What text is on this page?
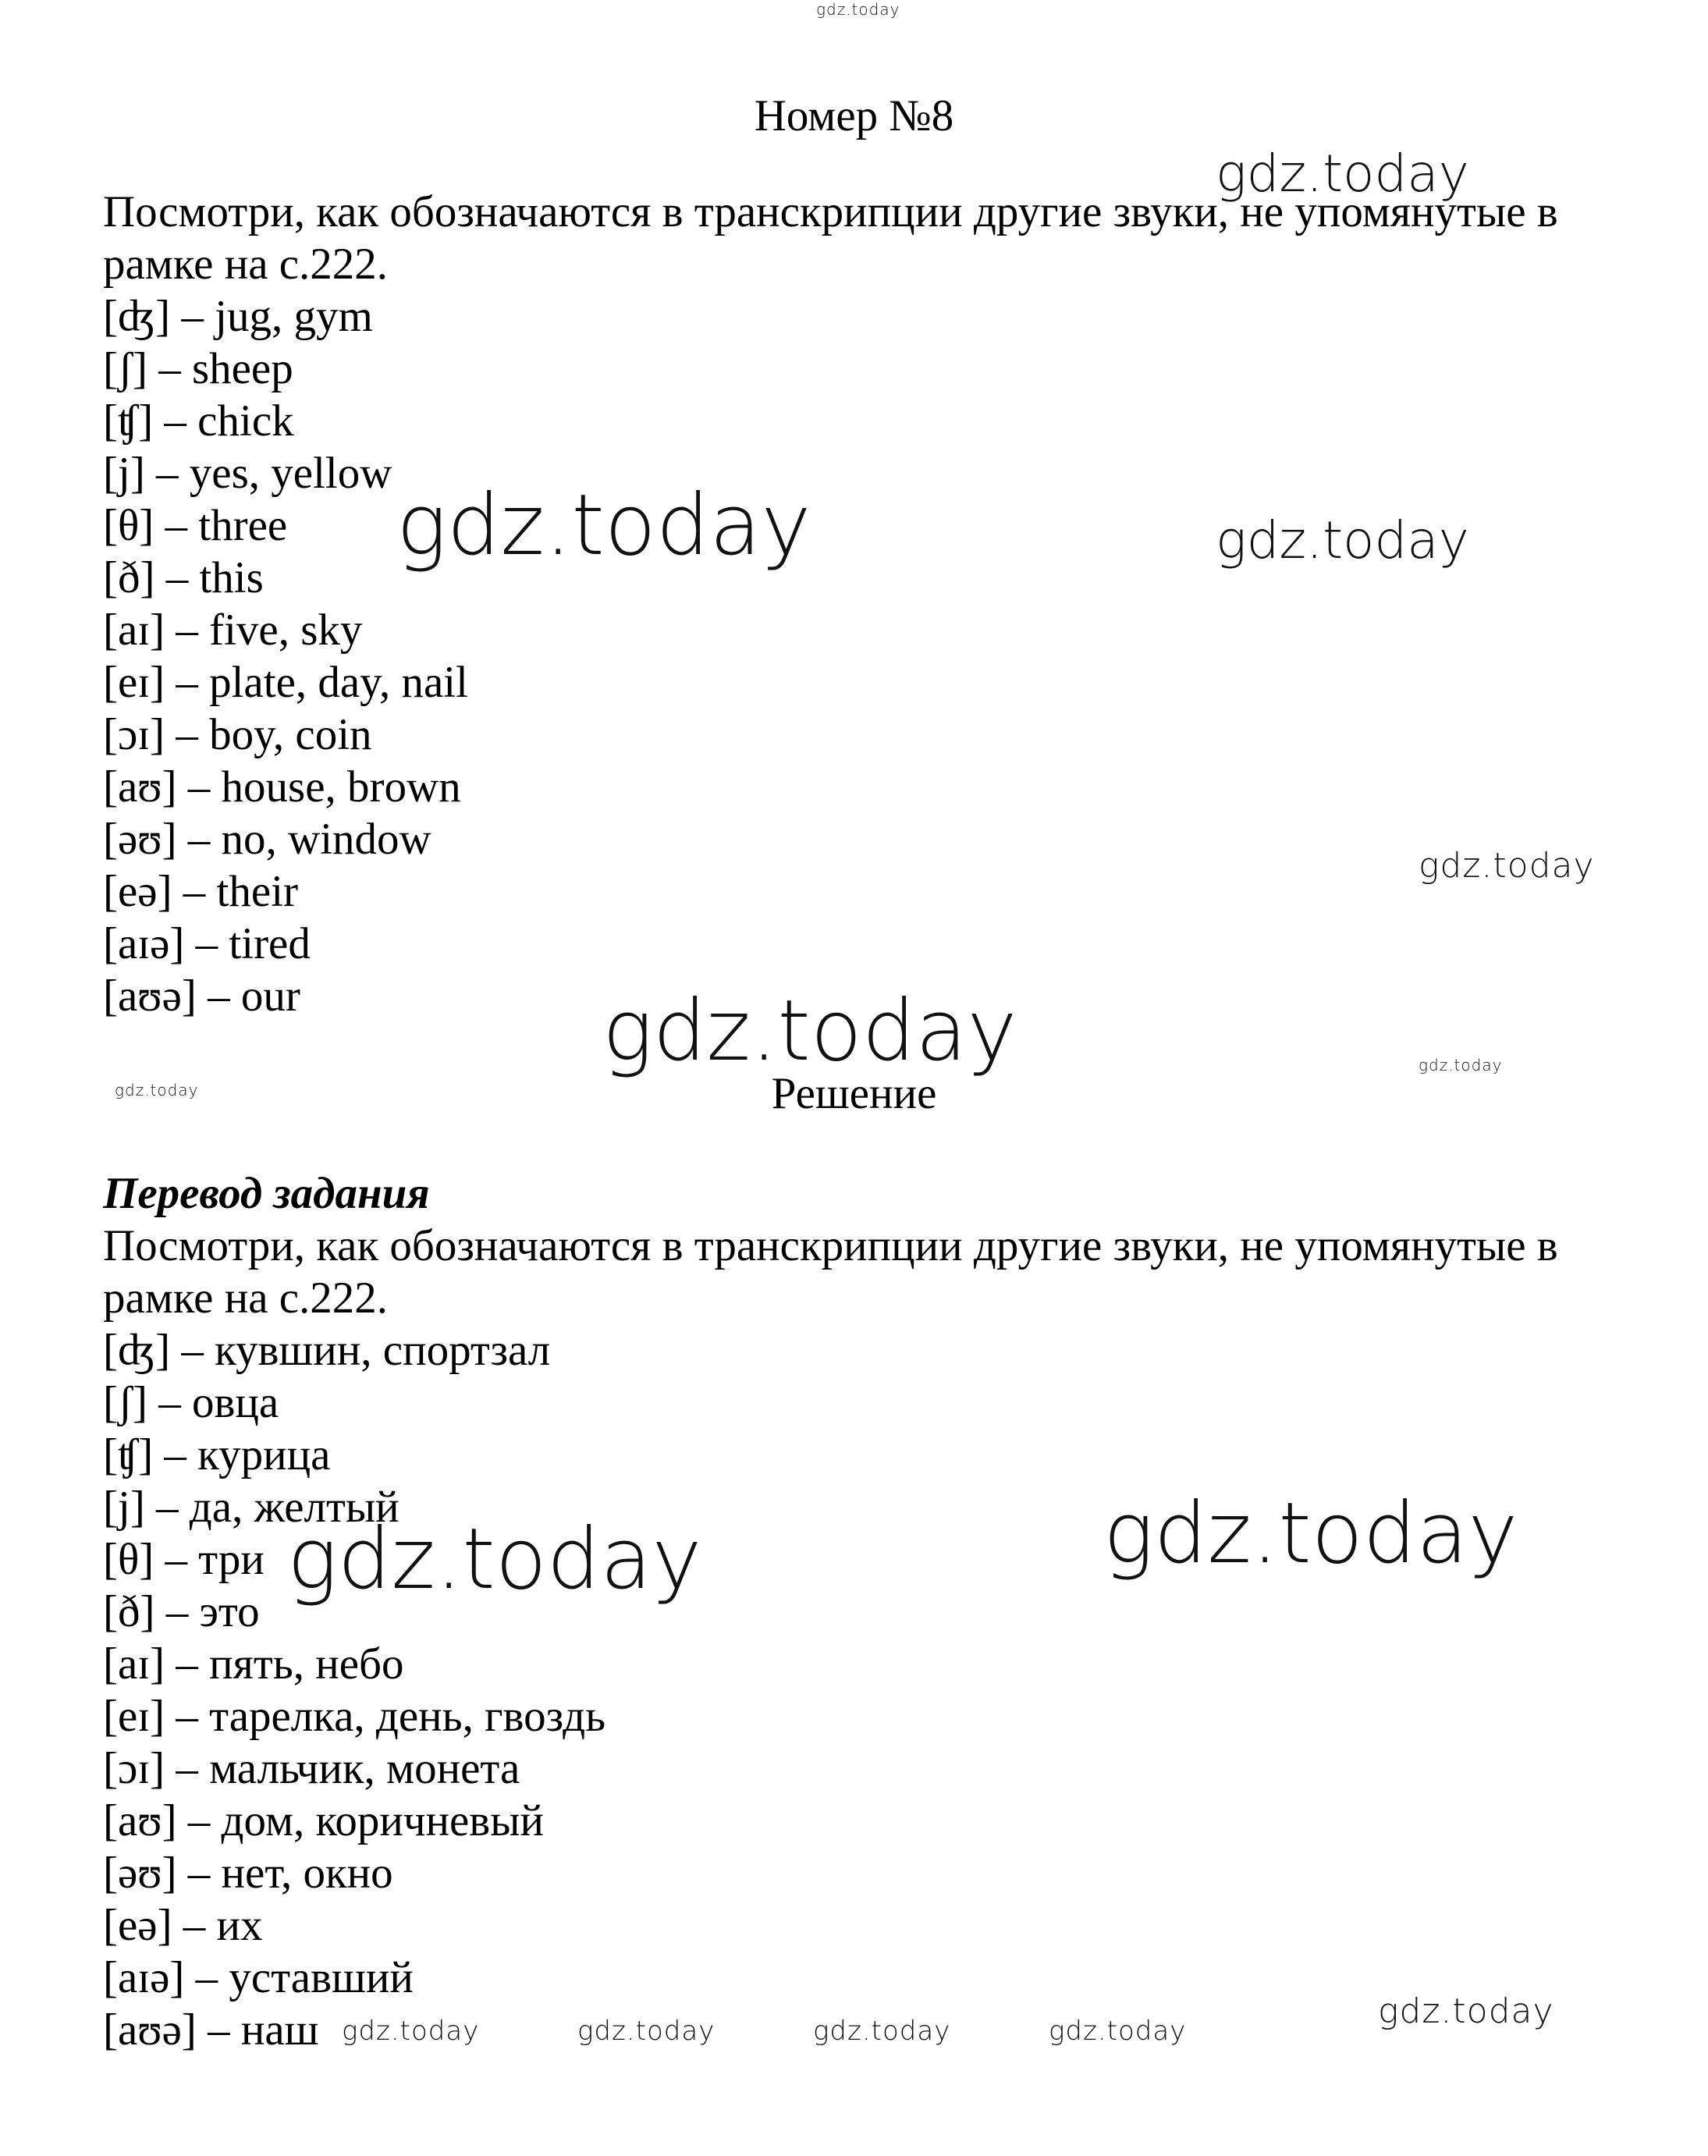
Номер №8

Посмотри, как обозначаются в транскрипции другие звуки, не упомянутые в рамке на с.222.

[ʤ] – jug, gym

[ʃ] – sheep

[ʧ] – chick

[j] – yes, yellow

[θ] – three

[ð] – this

[aɪ] – five, sky

[eɪ] – plate, day, nail

[ɔɪ] – boy, coin

[aʊ] – house, brown

[əʊ] – no, window

[eə] – their

[aɪə] – tired

[aʊə] – our

Решение

Перевод задания

Посмотри, как обозначаются в транскрипции другие звуки, не упомянутые в рамке на с.222.

[ʤ] – кувшин, спортзал

[ʃ] – овца

[ʧ] – курица

[j] – да, желтый

[θ] – три

[ð] – это

[aɪ] – пять, небо

[eɪ] – тарелка, день, гвоздь

[ɔɪ] – мальчик, монета

[aʊ] – дом, коричневый

[əʊ] – нет, окно

[eə] – их

[aɪə] – уставший

[aʊə] – наш

gdz.today
gdz.today
gdz.today	gdz.today
gdz.today
gdz.today	gdz.today
gdz.today
gdz.today
gdz.today
gdz.today	gdz.today	gdz.today	gdz.today	gdz.today
